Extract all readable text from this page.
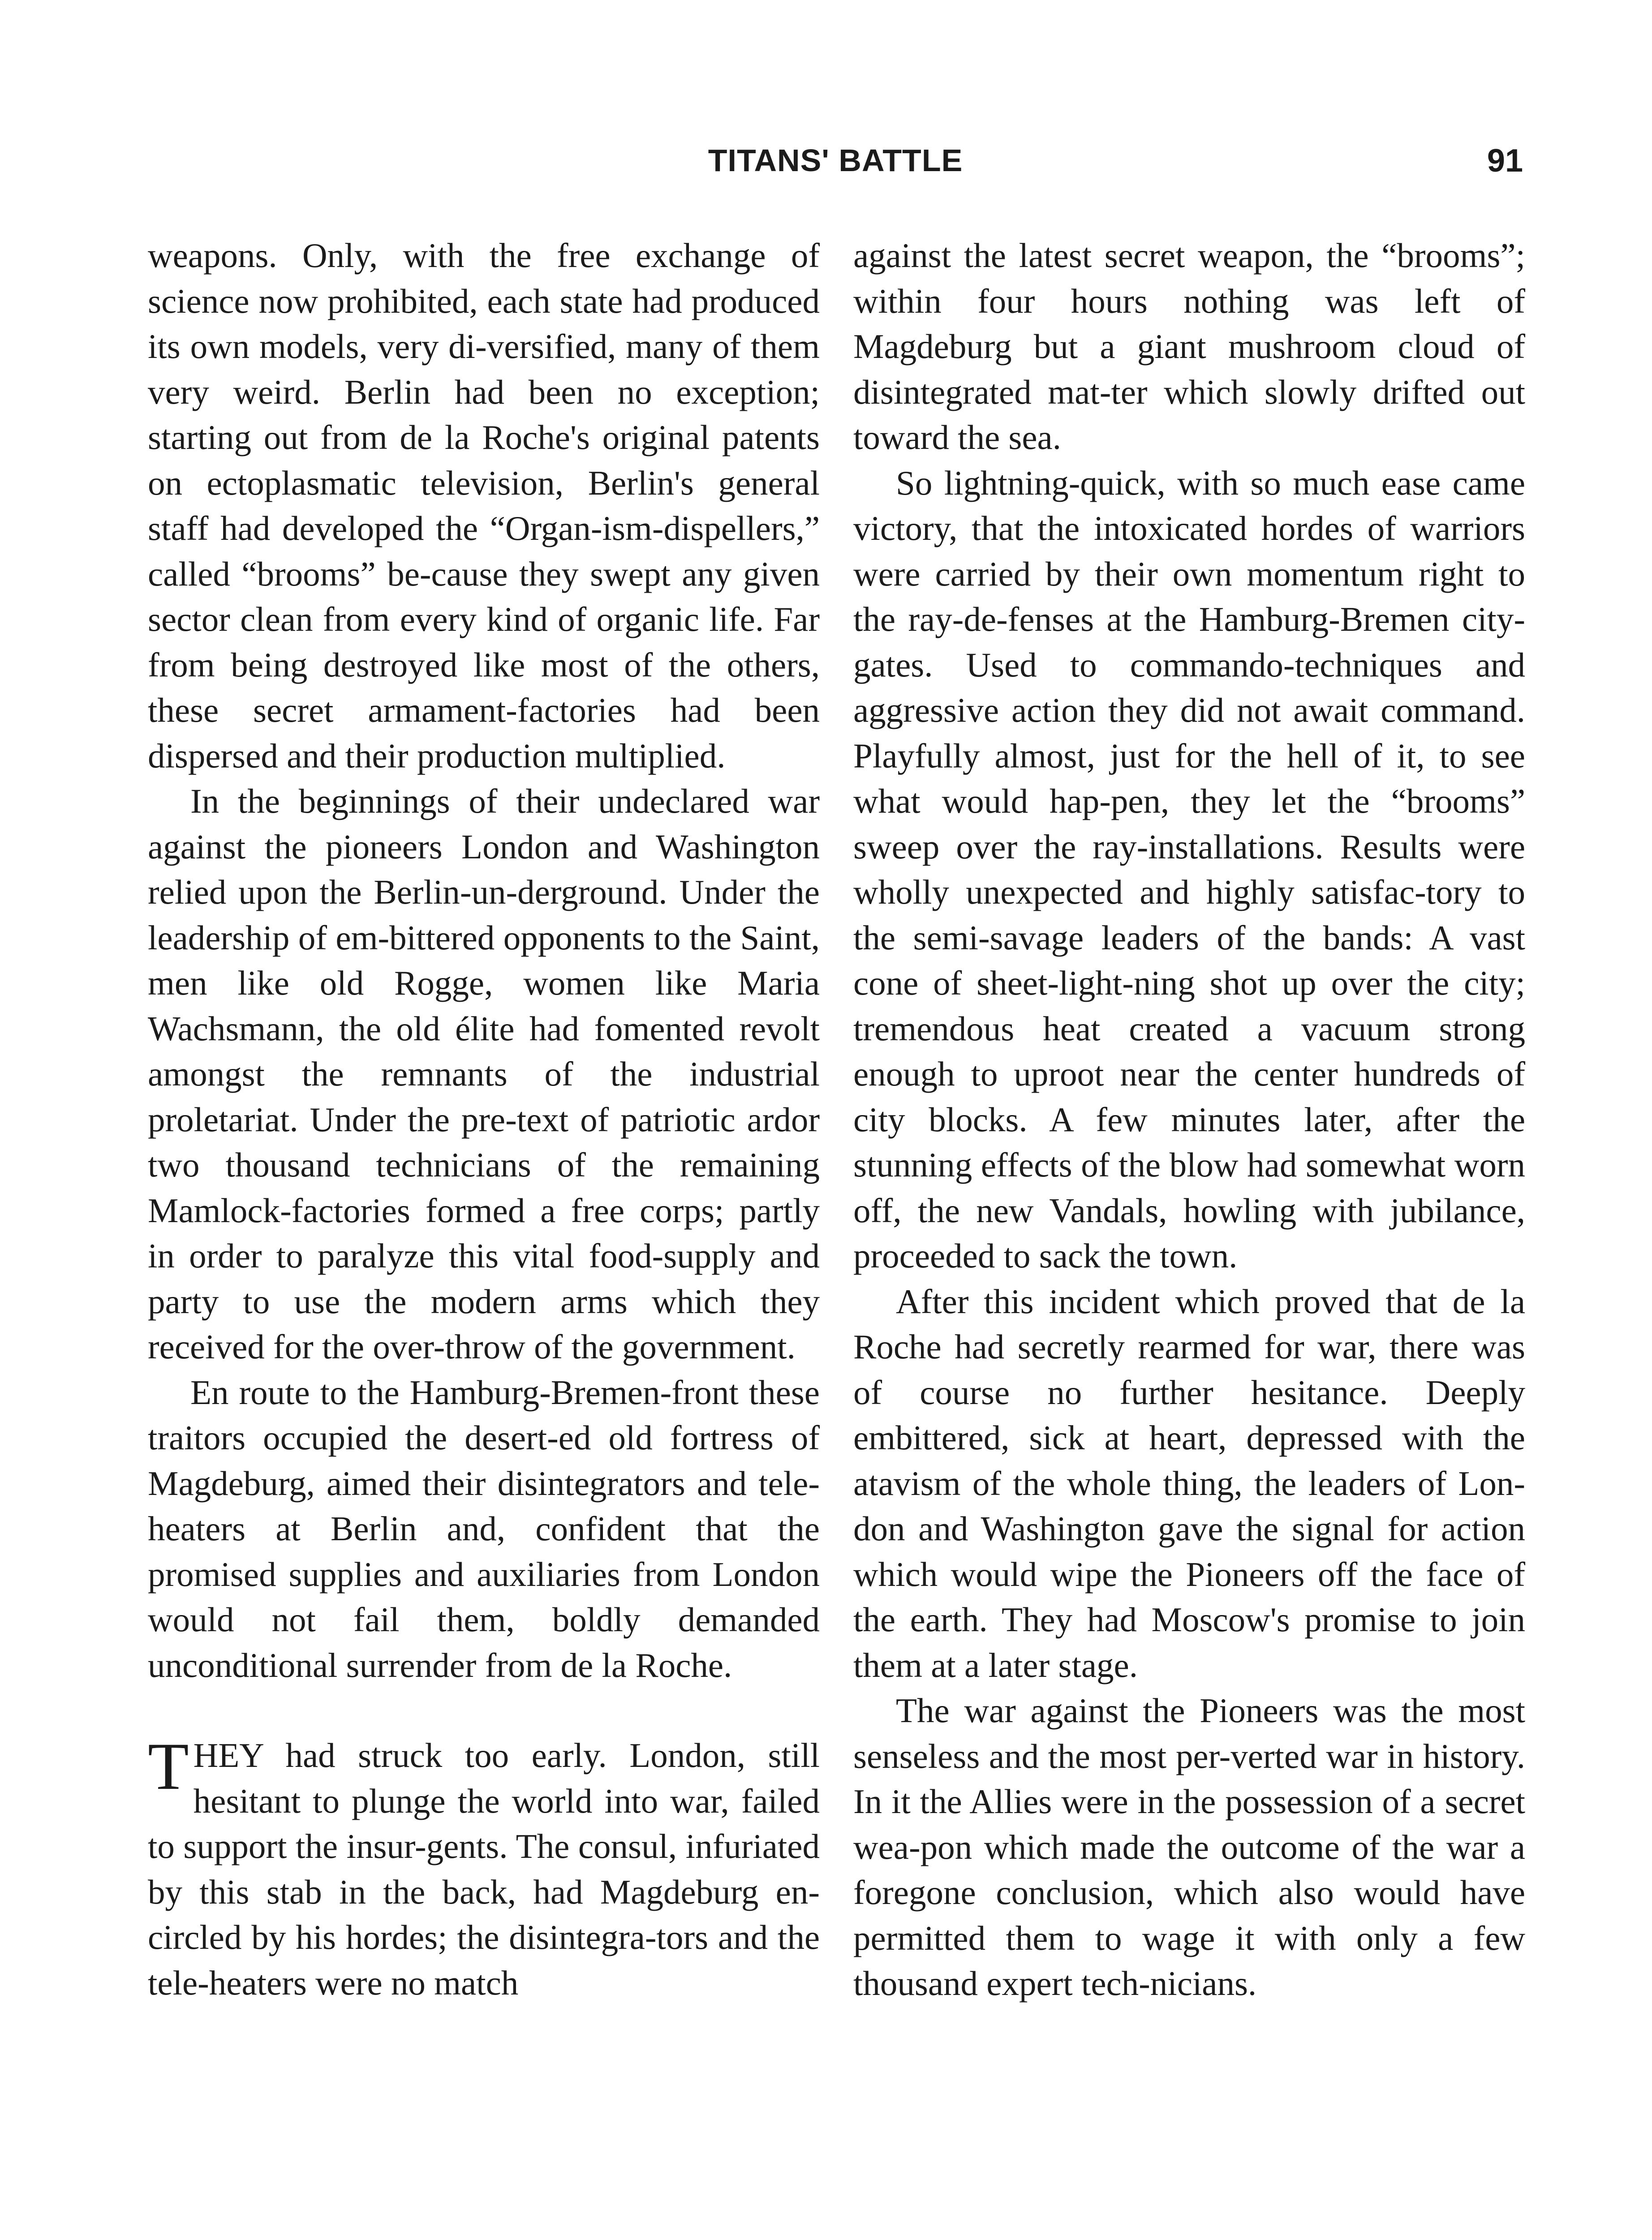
TITANS' BATTLE	91

weapons. Only, with the free exchange of science now prohibited, each state had produced its own models, very di-versified, many of them very weird. Berlin had been no exception; starting out from de la Roche's original patents on ectoplasmatic television, Berlin's general staff had developed the “Organ-ism-dispellers,” called “brooms” be-cause they swept any given sector clean from every kind of organic life. Far from being destroyed like most of the others, these secret armament-factories had been dispersed and their production multiplied.

In the beginnings of their undeclared war against the pioneers London and Washington relied upon the Berlin-un-derground. Under the leadership of em-bittered opponents to the Saint, men like old Rogge, women like Maria Wachsmann, the old élite had fomented revolt amongst the remnants of the industrial proletariat. Under the pre-text of patriotic ardor two thousand technicians of the remaining Mamlock-factories formed a free corps; partly in order to paralyze this vital food-supply and party to use the modern arms which they received for the over-throw of the government.

En route to the Hamburg-Bremen-front these traitors occupied the desert-ed old fortress of Magdeburg, aimed their disintegrators and tele-heaters at Berlin and, confident that the promised supplies and auxiliaries from London would not fail them, boldly demanded unconditional surrender from de la Roche.

THEY had struck too early. London, still hesitant to plunge the world into war, failed to support the insur-gents. The consul, infuriated by this stab in the back, had Magdeburg en-circled by his hordes; the disintegra-tors and the tele-heaters were no match

against the latest secret weapon, the “brooms”; within four hours nothing was left of Magdeburg but a giant mushroom cloud of disintegrated mat-ter which slowly drifted out toward the sea.

So lightning-quick, with so much ease came victory, that the intoxicated hordes of warriors were carried by their own momentum right to the ray-de-fenses at the Hamburg-Bremen city-gates. Used to commando-techniques and aggressive action they did not await command. Playfully almost, just for the hell of it, to see what would hap-pen, they let the “brooms” sweep over the ray-installations. Results were wholly unexpected and highly satisfac-tory to the semi-savage leaders of the bands: A vast cone of sheet-light-ning shot up over the city; tremendous heat created a vacuum strong enough to uproot near the center hundreds of city blocks. A few minutes later, after the stunning effects of the blow had somewhat worn off, the new Vandals, howling with jubilance, proceeded to sack the town.

After this incident which proved that de la Roche had secretly rearmed for war, there was of course no further hesitance. Deeply embittered, sick at heart, depressed with the atavism of the whole thing, the leaders of Lon-don and Washington gave the signal for action which would wipe the Pioneers off the face of the earth. They had Moscow's promise to join them at a later stage.

The war against the Pioneers was the most senseless and the most per-verted war in history. In it the Allies were in the possession of a secret wea-pon which made the outcome of the war a foregone conclusion, which also would have permitted them to wage it with only a few thousand expert tech-nicians.
